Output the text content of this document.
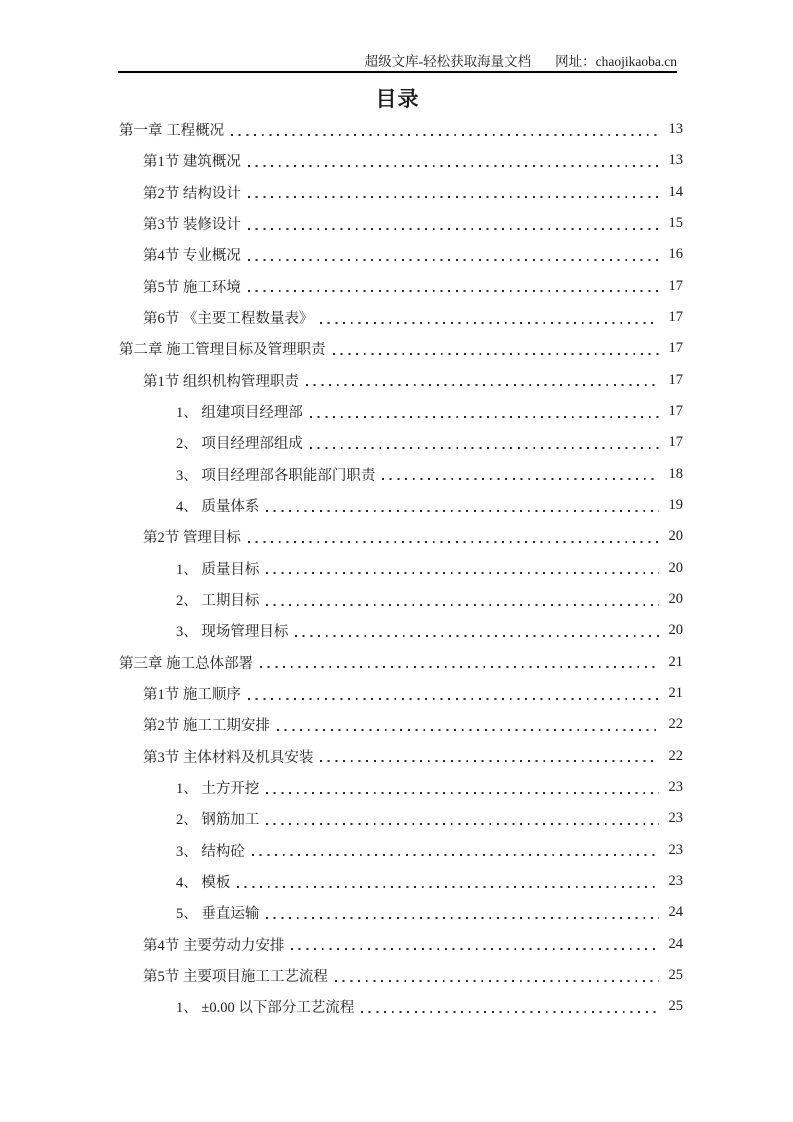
超级文库-轻松获取海量文档 网址：chaojikaoba.cn
目录
第一章 工程概况	13
第1节 建筑概况	13
第2节 结构设计	14
第3节 装修设计	15
第4节 专业概况	16
第5节 施工环境	17
第6节 《主要工程数量表》	17
第二章 施工管理目标及管理职责	17
第1节 组织机构管理职责	17
1、 组建项目经理部	17
2、 项目经理部组成	17
3、 项目经理部各职能部门职责	18
4、 质量体系	19
第2节 管理目标	20
1、 质量目标	20
2、 工期目标	20
3、 现场管理目标	20
第三章 施工总体部署	21
第1节 施工顺序	21
第2节 施工工期安排	22
第3节 主体材料及机具安装	22
1、 土方开挖	23
2、 钢筋加工	23
3、 结构砼	23
4、 模板	23
5、 垂直运输	24
第4节 主要劳动力安排	24
第5节 主要项目施工工艺流程	25
1、 ±0.00 以下部分工艺流程	25
